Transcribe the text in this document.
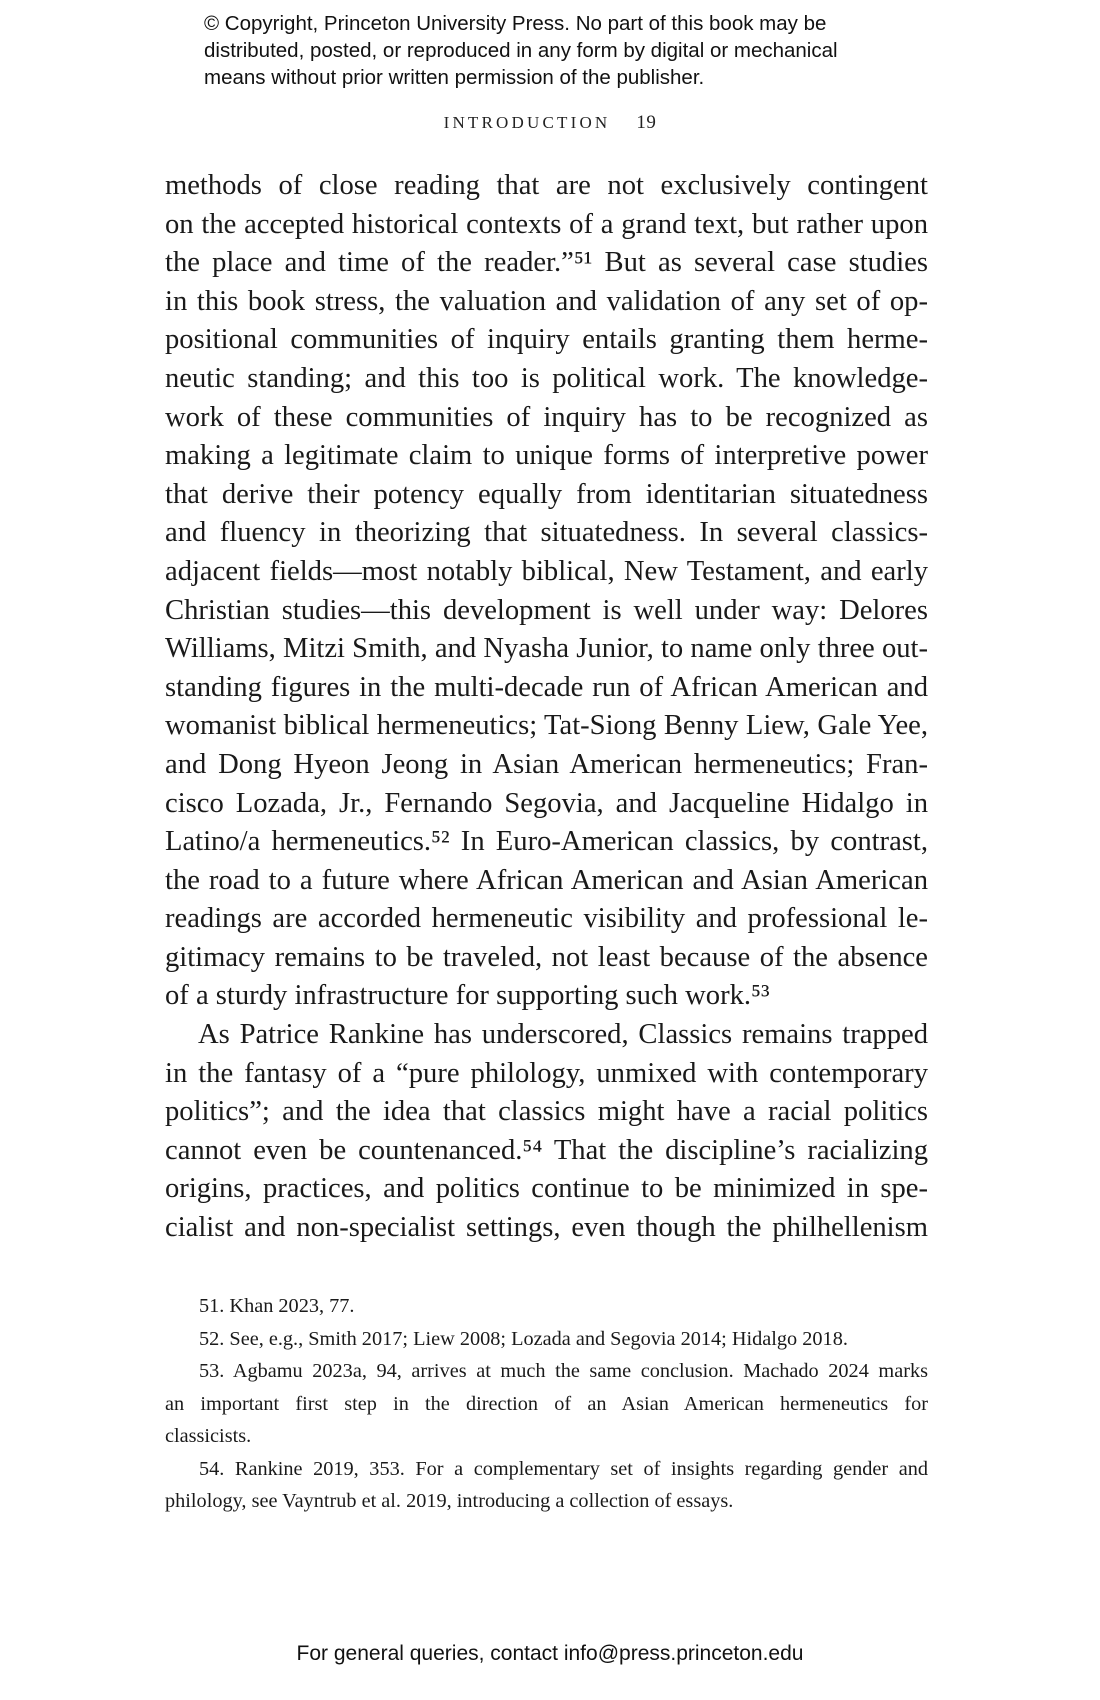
© Copyright, Princeton University Press. No part of this book may be

distributed, posted, or reproduced in any form by digital or mechanical

means without prior written permission of the publisher.

INTRODUCTION 19
methods of close reading that are not exclusively contingent
on the accepted historical contexts of a grand text, but rather upon
the place and time of the reader.”⁵¹ But as several case studies
in this book stress, the valuation and validation of any set of op-
positional communities of inquiry entails granting them herme-
neutic standing; and this too is political work. The knowledge-
work of these communities of inquiry has to be recognized as
making a legitimate claim to unique forms of interpretive power
that derive their potency equally from identitarian situatedness
and fluency in theorizing that situatedness. In several classics-
adjacent fields—most notably biblical, New Testament, and early
Christian studies—this development is well under way: Delores
Williams, Mitzi Smith, and Nyasha Junior, to name only three out-
standing figures in the multi-decade run of African American and
womanist biblical hermeneutics; Tat-Siong Benny Liew, Gale Yee,
and Dong Hyeon Jeong in Asian American hermeneutics; Fran-
cisco Lozada, Jr., Fernando Segovia, and Jacqueline Hidalgo in
Latino/a hermeneutics.⁵² In Euro-American classics, by contrast,
the road to a future where African American and Asian American
readings are accorded hermeneutic visibility and professional le-
gitimacy remains to be traveled, not least because of the absence
of a sturdy infrastructure for supporting such work.⁵³
As Patrice Rankine has underscored, Classics remains trapped
in the fantasy of a “pure philology, unmixed with contemporary
politics”; and the idea that classics might have a racial politics
cannot even be countenanced.⁵⁴ That the discipline’s racializing
origins, practices, and politics continue to be minimized in spe-
cialist and non-specialist settings, even though the philhellenism
51. Khan 2023, 77.
52. See, e.g., Smith 2017; Liew 2008; Lozada and Segovia 2014; Hidalgo 2018.
53. Agbamu 2023a, 94, arrives at much the same conclusion. Machado 2024 marks
an important first step in the direction of an Asian American hermeneutics for
classicists.
54. Rankine 2019, 353. For a complementary set of insights regarding gender and
philology, see Vayntrub et al. 2019, introducing a collection of essays.
For general queries, contact info@press.princeton.edu
